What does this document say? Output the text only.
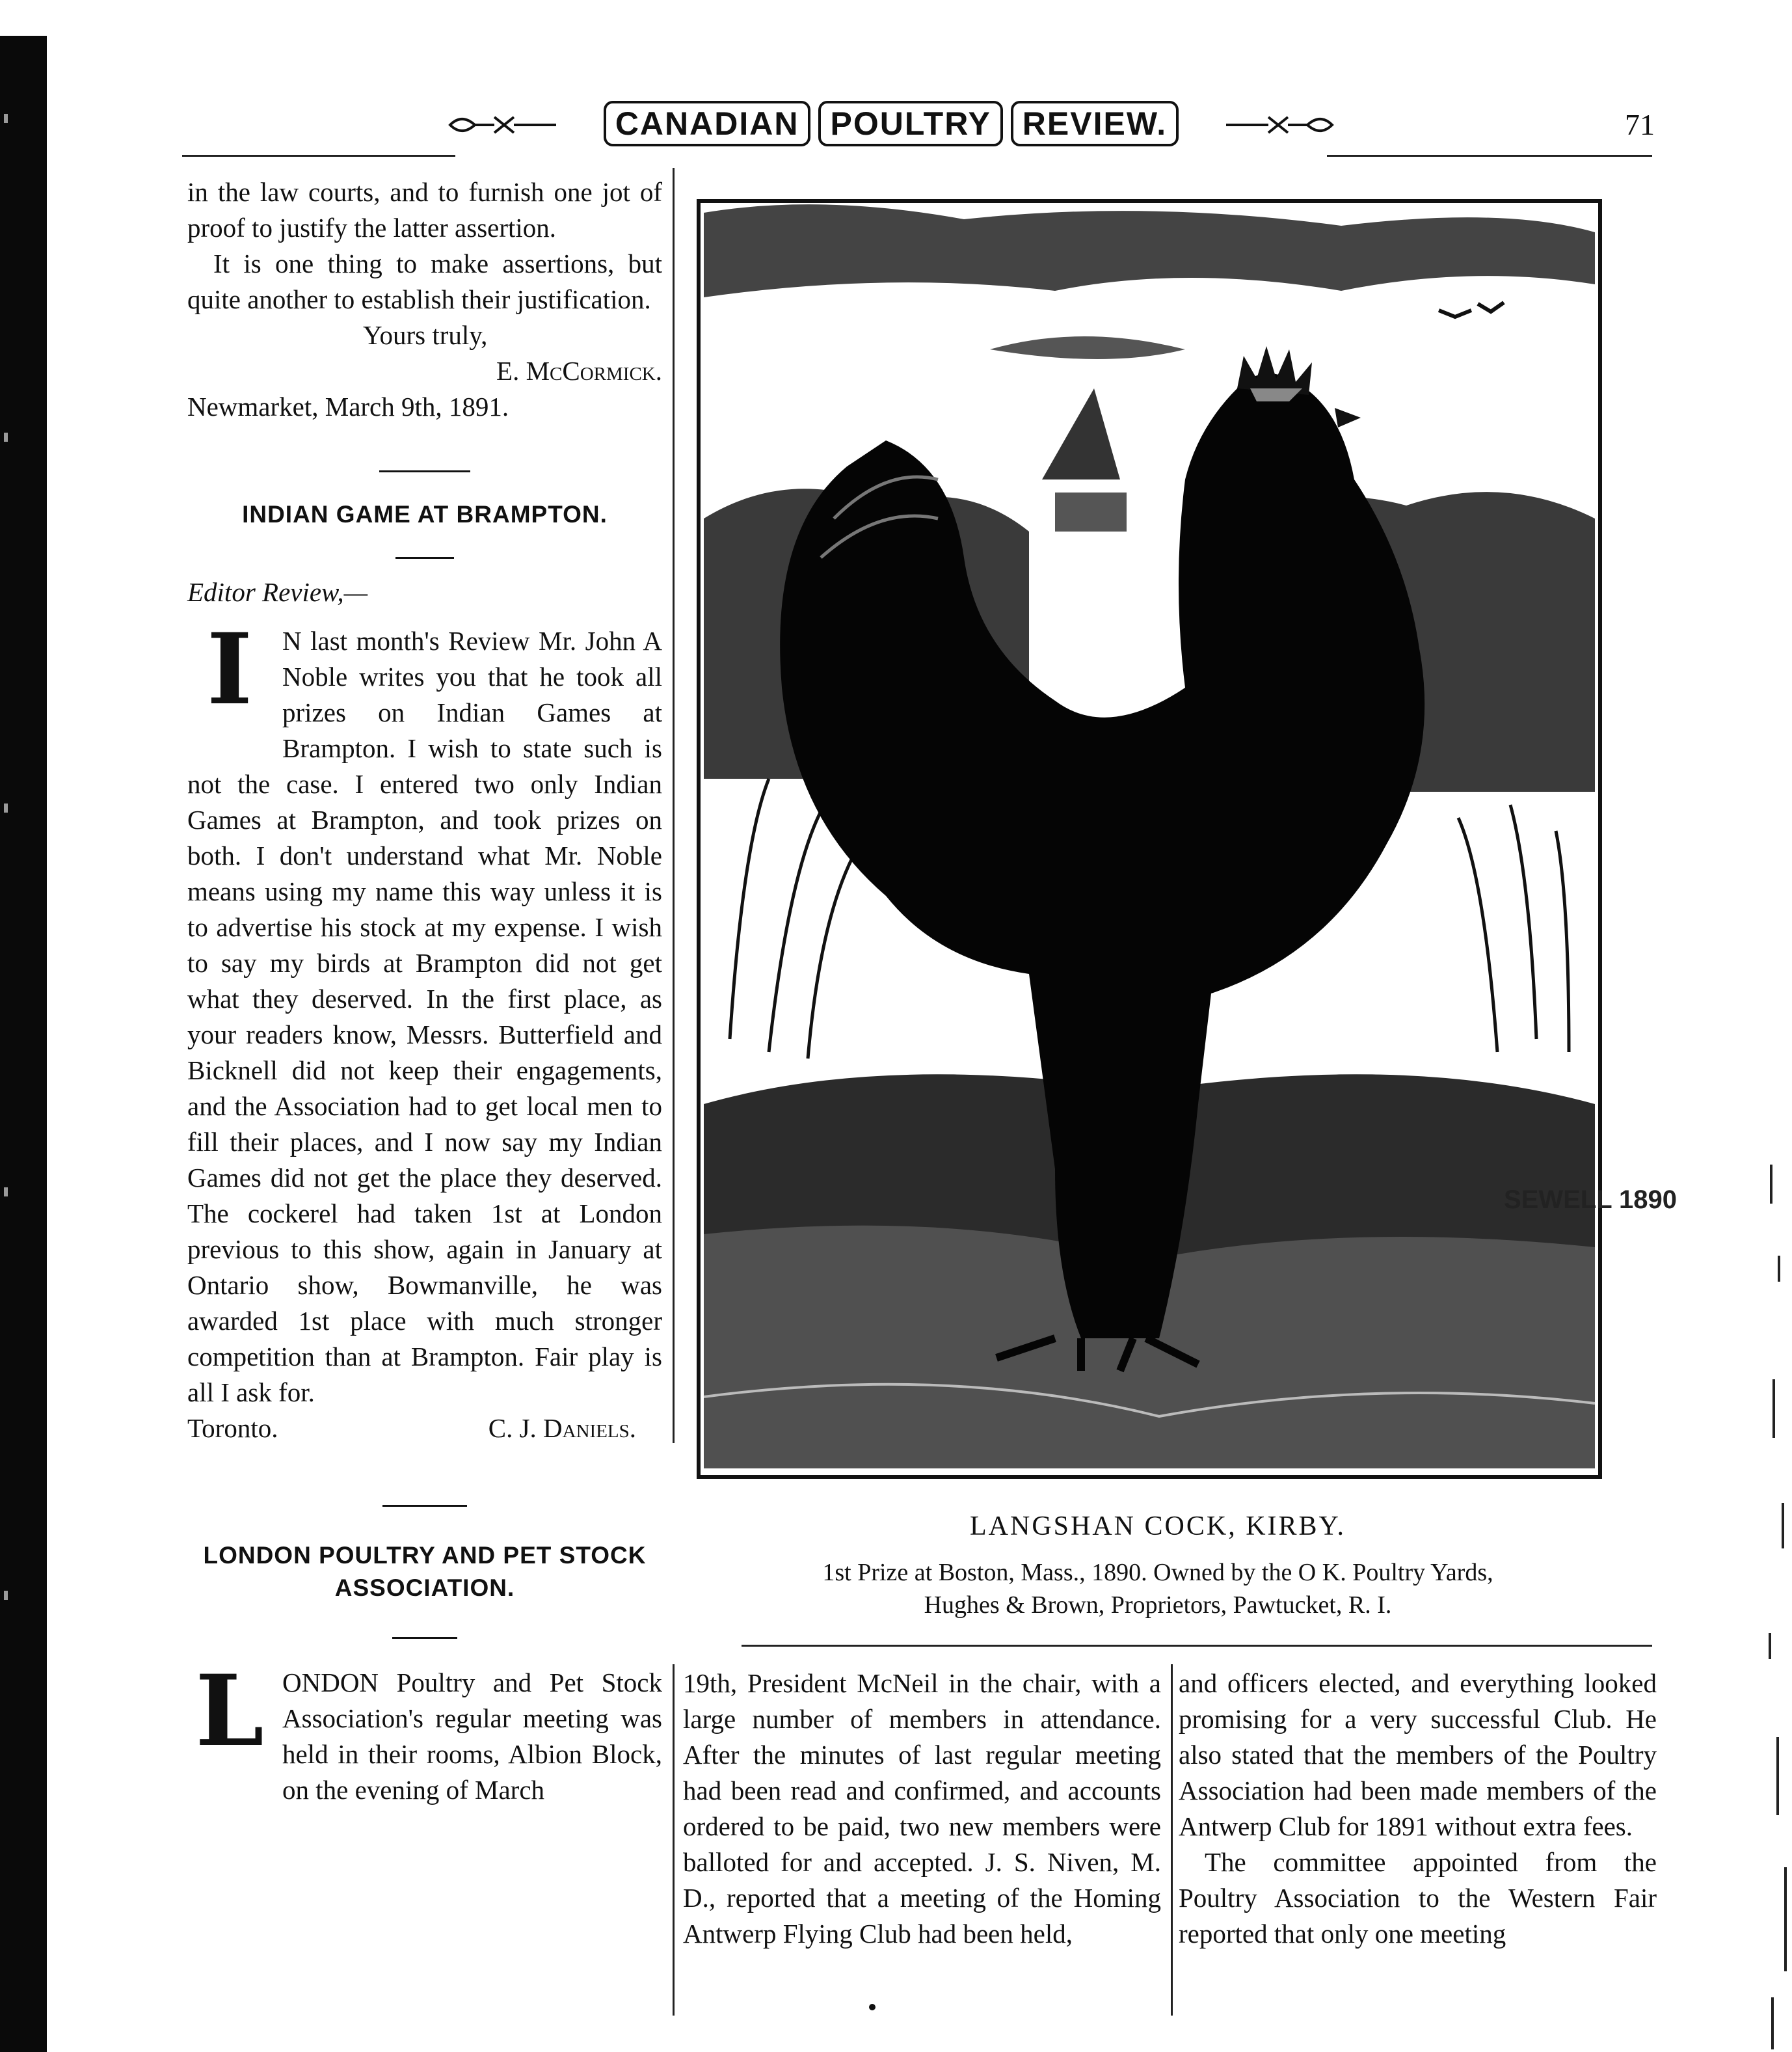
CANADIAN POULTRY REVIEW.	71

in the law courts, and to furnish one jot of proof to justify the latter assertion.

It is one thing to make assertions, but quite another to establish their justification.

Yours truly,
E. McCormick.
Newmarket, March 9th, 1891.
INDIAN GAME AT BRAMPTON.
Editor Review,—

I	N last month's Review Mr. John A Noble writes you that he took all prizes on Indian Games at Brampton. I wish to state such is not the case. I entered two only Indian Games at Brampton, and took prizes on both. I don't understand what Mr. Noble means using my name this way unless it is to advertise his stock at my expense. I wish to say my birds at Brampton did not get what they deserved. In the first place, as your readers know, Messrs. Butterfield and Bicknell did not keep their engagements, and the Association had to get local men to fill their places, and I now say my Indian Games did not get the place they deserved. The cockerel had taken 1st at London previous to this show, again in January at Ontario show, Bowmanville, he was awarded 1st place with much stronger competition than at Brampton. Fair play is all I ask for.

Toronto.	C. J. Daniels.
LONDON POULTRY AND PET STOCK ASSOCIATION.

L ONDON Poultry and Pet Stock Association's regular meeting was held in their rooms, Albion Block, on the evening of March

SEWELL 1890
LANGSHAN COCK, KIRBY.
1st Prize at Boston, Mass., 1890. Owned by the O K. Poultry Yards,
Hughes & Brown, Proprietors, Pawtucket, R. I.

19th, President McNeil in the chair, with a large number of members in attendance. After the minutes of last regular meeting had been read and confirmed, and accounts ordered to be paid, two new members were balloted for and accepted. J. S. Niven, M. D., reported that a meeting of the Homing Antwerp Flying Club had been held,

and officers elected, and everything looked promising for a very successful Club. He also stated that the members of the Poultry Association had been made members of the Antwerp Club for 1891 without extra fees.

The committee appointed from the Poultry Association to the Western Fair reported that only one meeting
